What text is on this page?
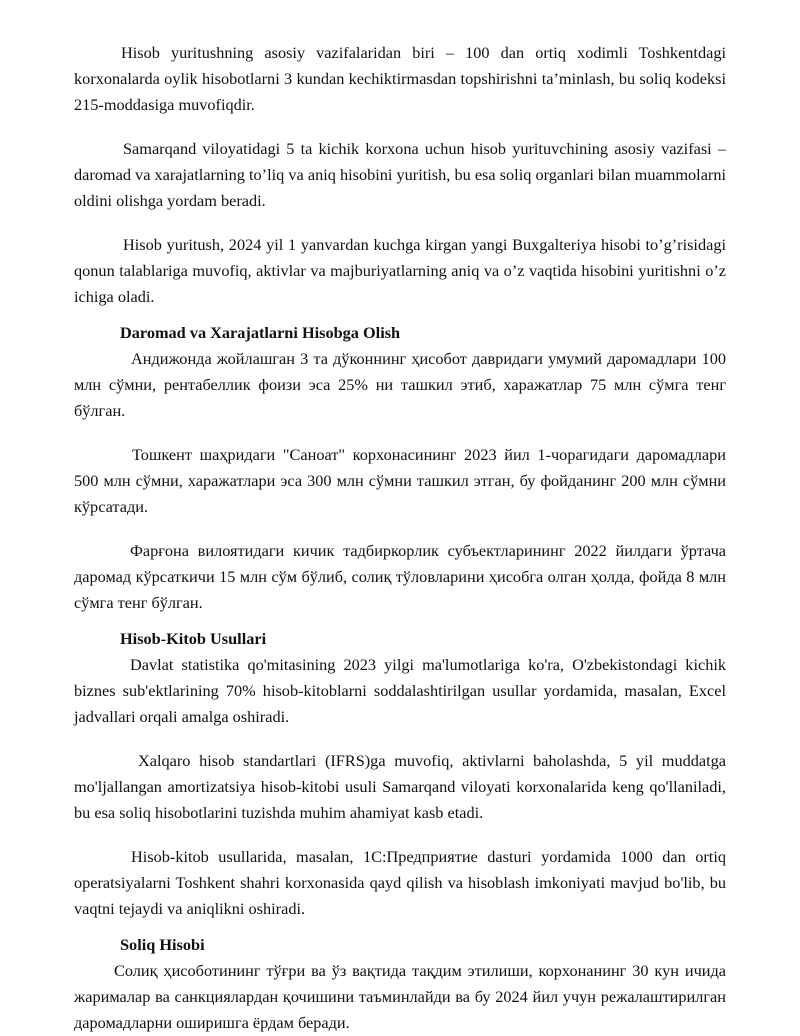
Hisob yuritushning asosiy vazifalaridan biri – 100 dan ortiq xodimli Toshkentdagi korxonalarda oylik hisobotlarni 3 kundan kechiktirmasdan topshirishni ta’minlash, bu soliq kodeksi 215-moddasiga muvofiqdir.

Samarqand viloyatidagi 5 ta kichik korxona uchun hisob yurituvchining asosiy vazifasi – daromad va xarajatlarning to’liq va aniq hisobini yuritish, bu esa soliq organlari bilan muammolarni oldini olishga yordam beradi.

Hisob yuritush, 2024 yil 1 yanvardan kuchga kirgan yangi Buxgalteriya hisobi to’g’risidagi qonun talablariga muvofiq, aktivlar va majburiyatlarning aniq va o’z vaqtida hisobini yuritishni o’z ichiga oladi.

Daromad va Xarajatlarni Hisobga Olish

Андижонда жойлашган 3 та дўконнинг ҳисобот давридаги умумий даромадлари 100 млн сўмни, рентабеллик фоизи эса 25% ни ташкил этиб, харажатлар 75 млн сўмга тенг бўлган.

Тошкент шаҳридаги "Саноат" корхонасининг 2023 йил 1-чорагидаги даромадлари 500 млн сўмни, харажатлари эса 300 млн сўмни ташкил этган, бу фойданинг 200 млн сўмни кўрсатади.

Фарғона вилоятидаги кичик тадбиркорлик субъектларининг 2022 йилдаги ўртача даромад кўрсаткичи 15 млн сўм бўлиб, солиқ тўловларини ҳисобга олган ҳолда, фойда 8 млн сўмга тенг бўлган.

Hisob-Kitob Usullari

Davlat statistika qo'mitasining 2023 yilgi ma'lumotlariga ko'ra, O'zbekistondagi kichik biznes sub'ektlarining 70% hisob-kitoblarni soddalashtirilgan usullar yordamida, masalan, Excel jadvallari orqali amalga oshiradi.

Xalqaro hisob standartlari (IFRS)ga muvofiq, aktivlarni baholashda, 5 yil muddatga mo'ljallangan amortizatsiya hisob-kitobi usuli Samarqand viloyati korxonalarida keng qo'llaniladi, bu esa soliq hisobotlarini tuzishda muhim ahamiyat kasb etadi.

Hisob-kitob usullarida, masalan, 1C:Предприятие dasturi yordamida 1000 dan ortiq operatsiyalarni Toshkent shahri korxonasida qayd qilish va hisoblash imkoniyati mavjud bo'lib, bu vaqtni tejaydi va aniqlikni oshiradi.

Soliq Hisobi

Солиқ ҳисоботининг тўғри ва ўз вақтида тақдим этилиши, корхонанинг 30 кун ичида жарималар ва санкциялардан қочишини таъминлайди ва бу 2024 йил учун режалаштирилган даромадларни оширишга ёрдам беради.
